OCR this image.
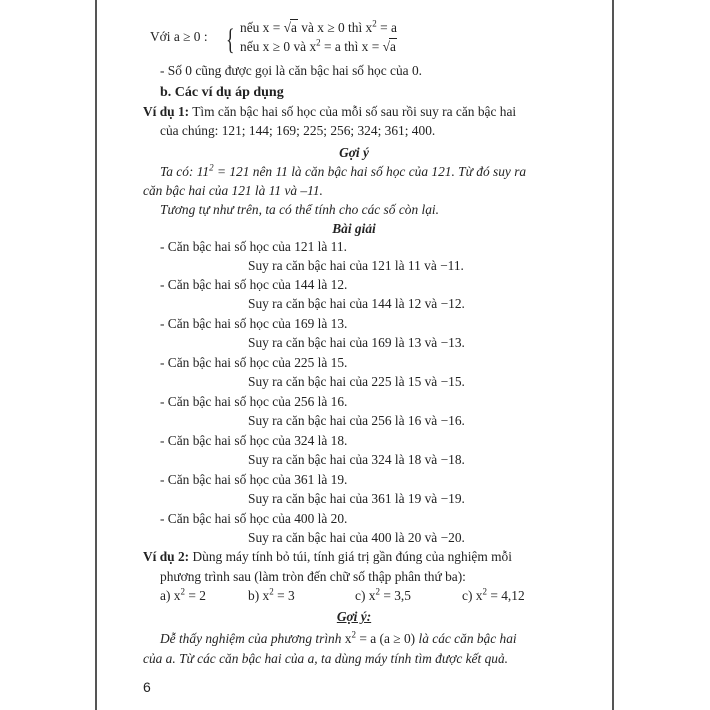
Với a ≥ 0 : { nếu x = √a và x ≥ 0 thì $x^2 = a$
nếu x ≥ 0 và $x^2 = a$ thì x = √a
- Số 0 cũng được gọi là căn bậc hai số học của 0.
b. Các ví dụ áp dụng
Ví dụ 1: Tìm căn bậc hai số học của mỗi số sau rồi suy ra căn bậc hai
của chúng: 121; 144; 169; 225; 256; 324; 361; 400.
Gợi ý
Ta có: $11^2 = 121$ nên 11 là căn bậc hai số học của 121. Từ đó suy ra
căn bậc hai của 121 là 11 và –11.
Tương tự như trên, ta có thể tính cho các số còn lại.
Bài giải
- Căn bậc hai số học của 121 là 11.
Suy ra căn bậc hai của 121 là 11 và −11.
- Căn bậc hai số học của 144 là 12.
Suy ra căn bậc hai của 144 là 12 và −12.
- Căn bậc hai số học của 169 là 13.
Suy ra căn bậc hai của 169 là 13 và −13.
- Căn bậc hai số học của 225 là 15.
Suy ra căn bậc hai của 225 là 15 và −15.
- Căn bậc hai số học của 256 là 16.
Suy ra căn bậc hai của 256 là 16 và −16.
- Căn bậc hai số học của 324 là 18.
Suy ra căn bậc hai của 324 là 18 và −18.
- Căn bậc hai số học của 361 là 19.
Suy ra căn bậc hai của 361 là 19 và −19.
- Căn bậc hai số học của 400 là 20.
Suy ra căn bậc hai của 400 là 20 và −20.
Ví dụ 2: Dùng máy tính bỏ túi, tính giá trị gần đúng của nghiệm mỗi
phương trình sau (làm tròn đến chữ số thập phân thứ ba):
a) $x^2 = 2$	b) $x^2 = 3$	c) $x^2 = 3,5$	c) $x^2 = 4,12$
Gợi ý:
Dễ thấy nghiệm của phương trình $x^2 = a$ (a ≥ 0) là các căn bậc hai
của a. Từ các căn bậc hai của a, ta dùng máy tính tìm được kết quả.
6
